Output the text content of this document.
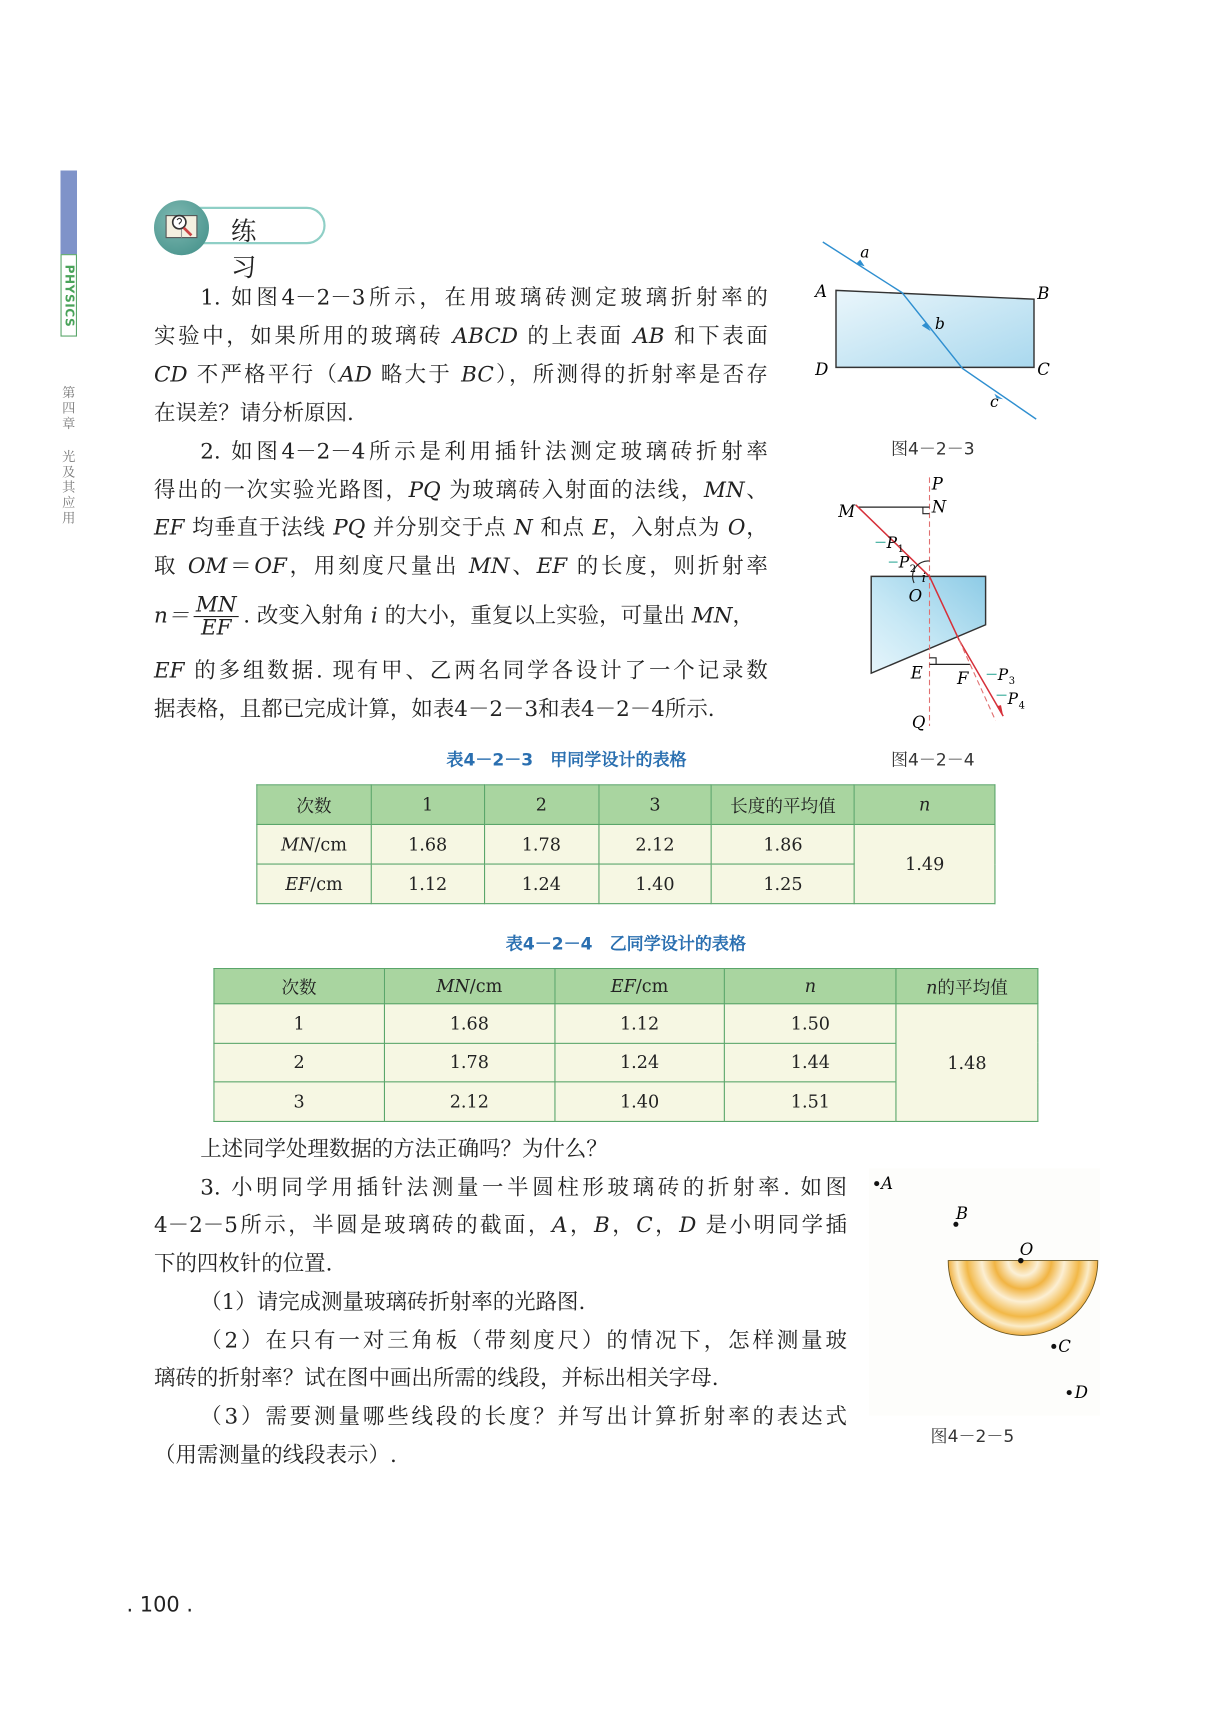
PHYSICS
第四章
光及其应用
练 习
1. 如图4－2－3所示，在用玻璃砖测定玻璃折射率的
实验中，如果所用的玻璃砖 ABCD 的上表面 AB 和下表面
CD 不严格平行（AD 略大于 BC），所测得的折射率是否存
在误差？请分析原因.
2. 如图4－2－4所示是利用插针法测定玻璃砖折射率
得出的一次实验光路图，PQ 为玻璃砖入射面的法线，MN、
EF 均垂直于法线 PQ 并分别交于点 N 和点 E，入射点为 O，
取 OM＝OF，用刻度尺量出 MN、EF 的长度，则折射率
$n= \frac{MN}{EF}$ . 改变入射角 i 的大小，重复以上实验，可量出 MN，
EF 的多组数据. 现有甲、乙两名同学各设计了一个记录数
据表格，且都已完成计算，如表4－2－3和表4－2－4所示.
a
b
c
A	B
C
D
P
N
M
P 1
P 2
i
O
E F P 3
P 4
Q
A
B
O
C
D
图4－2－3
图4－2－4
图4－2－5
表4－2－3　甲同学设计的表格
次数	1	2	3	长度的平均值	n
MN/cm	1.68	1.78	2.12	1.86	1.49
EF/cm	1.12	1.24	1.40	1.25	
表4－2－4　乙同学设计的表格
次数	MN/cm	EF/cm	n	n的平均值
1	1.68	1.12	1.50	1.48
2	1.78	1.24	1.44	
3	2.12	1.40	1.51	
上述同学处理数据的方法正确吗？为什么？
3. 小明同学用插针法测量一半圆柱形玻璃砖的折射率. 如图
4－2－5所示，半圆是玻璃砖的截面，A，B，C，D 是小明同学插
下的四枚针的位置.
（1）请完成测量玻璃砖折射率的光路图.
（2）在只有一对三角板（带刻度尺）的情况下，怎样测量玻
璃砖的折射率？试在图中画出所需的线段，并标出相关字母.
（3）需要测量哪些线段的长度？并写出计算折射率的表达式
（用需测量的线段表示）.
. 100 .
